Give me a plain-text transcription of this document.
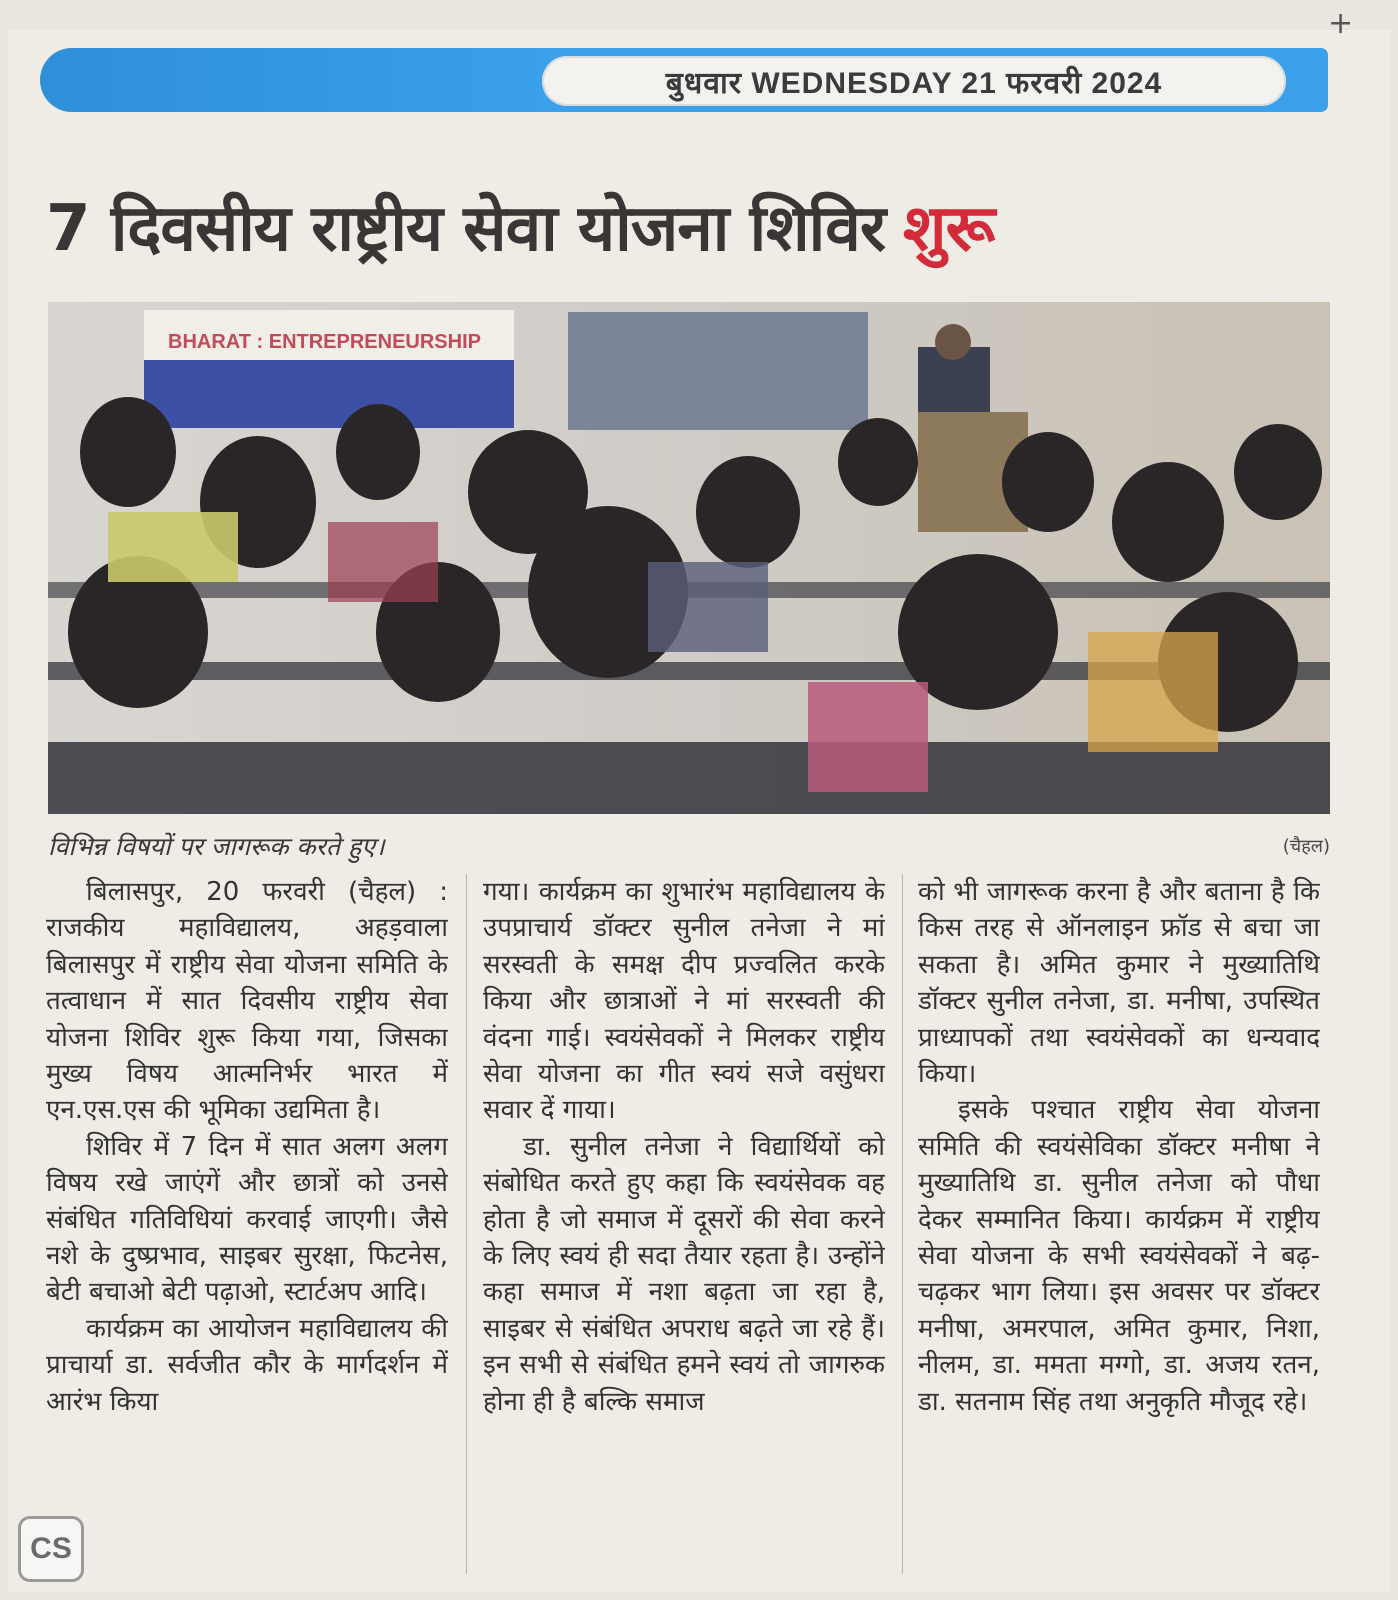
+
बुधवार WEDNESDAY 21 फरवरी 2024
7 दिवसीय राष्ट्रीय सेवा योजना शिविर शुरू
BHARAT : ENTREPRENEURSHIP
विभिन्न विषयों पर जागरूक करते हुए।	(चैहल)

बिलासपुर, 20 फरवरी (चैहल) : राजकीय महाविद्यालय, अहड़वाला बिलासपुर में राष्ट्रीय सेवा योजना समिति के तत्वाधान में सात दिवसीय राष्ट्रीय सेवा योजना शिविर शुरू किया गया, जिसका मुख्य विषय आत्मनिर्भर भारत में एन.एस.एस की भूमिका उद्यमिता है।

शिविर में 7 दिन में सात अलग अलग विषय रखे जाएंगें और छात्रों को उनसे संबंधित गतिविधियां करवाई जाएगी। जैसे नशे के दुष्प्रभाव, साइबर सुरक्षा, फिटनेस, बेटी बचाओ बेटी पढ़ाओ, स्टार्टअप आदि।

कार्यक्रम का आयोजन महाविद्यालय की प्राचार्या डा. सर्वजीत कौर के मार्गदर्शन में आरंभ किया

गया। कार्यक्रम का शुभारंभ महाविद्यालय के उपप्राचार्य डॉक्टर सुनील तनेजा ने मां सरस्वती के समक्ष दीप प्रज्वलित करके किया और छात्राओं ने मां सरस्वती की वंदना गाई। स्वयंसेवकों ने मिलकर राष्ट्रीय सेवा योजना का गीत स्वयं सजे वसुंधरा सवार दें गाया।

डा. सुनील तनेजा ने विद्यार्थियों को संबोधित करते हुए कहा कि स्वयंसेवक वह होता है जो समाज में दूसरों की सेवा करने के लिए स्वयं ही सदा तैयार रहता है। उन्होंने कहा समाज में नशा बढ़ता जा रहा है, साइबर से संबंधित अपराध बढ़ते जा रहे हैं। इन सभी से संबंधित हमने स्वयं तो जागरुक होना ही है बल्कि समाज

को भी जागरूक करना है और बताना है कि किस तरह से ऑनलाइन फ्रॉड से बचा जा सकता है। अमित कुमार ने मुख्यातिथि डॉक्टर सुनील तनेजा, डा. मनीषा, उपस्थित प्राध्यापकों तथा स्वयंसेवकों का धन्यवाद किया।

इसके पश्चात राष्ट्रीय सेवा योजना समिति की स्वयंसेविका डॉक्टर मनीषा ने मुख्यातिथि डा. सुनील तनेजा को पौधा देकर सम्मानित किया। कार्यक्रम में राष्ट्रीय सेवा योजना के सभी स्वयंसेवकों ने बढ़-चढ़कर भाग लिया। इस अवसर पर डॉक्टर मनीषा, अमरपाल, अमित कुमार, निशा, नीलम, डा. ममता मग्गो, डा. अजय रतन, डा. सतनाम सिंह तथा अनुकृति मौजूद रहे।

CS
